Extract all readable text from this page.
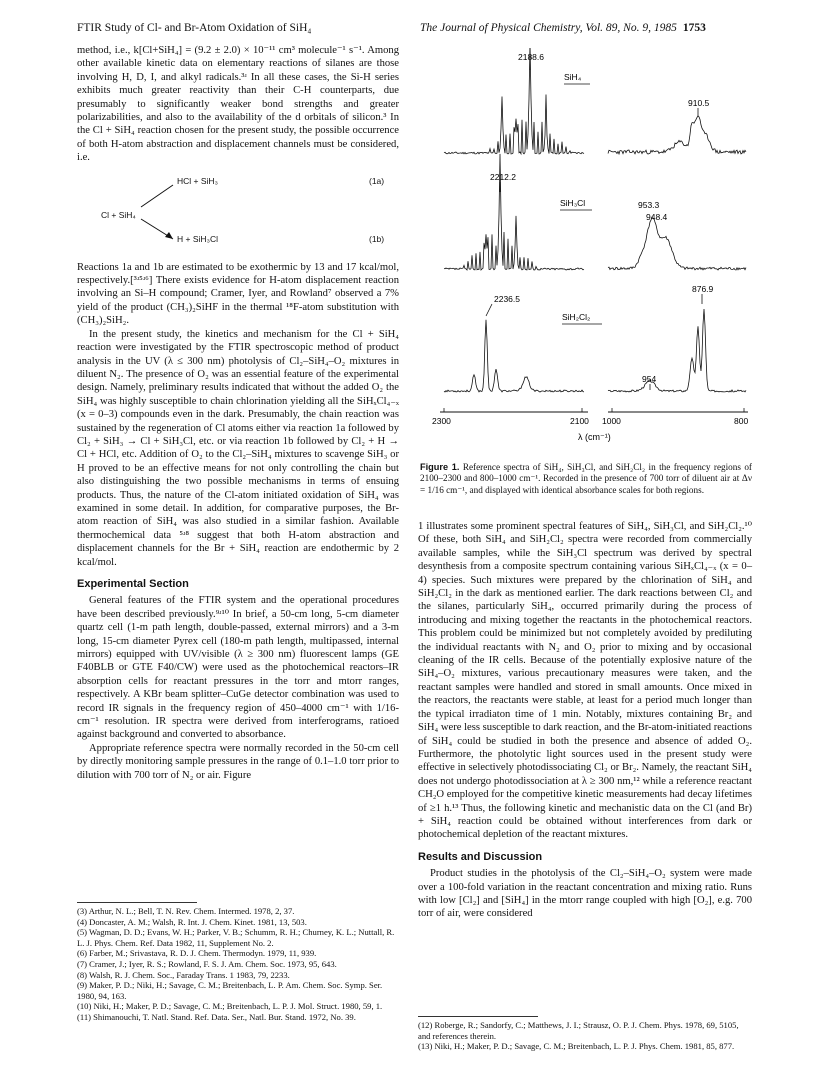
FTIR Study of Cl- and Br-Atom Oxidation of SiH₄	The Journal of Physical Chemistry, Vol. 89, No. 9, 1985 1753

method, i.e., k[Cl+SiH₄] = (9.2 ± 2.0) × 10⁻¹¹ cm³ molecule⁻¹ s⁻¹. Among other available kinetic data on elementary reactions of silanes are those involving H, D, I, and alkyl radicals.³ʴ In all these cases, the Si-H series exhibits much greater reactivity than their C-H counterparts, due presumably to significantly weaker bond strengths and greater polarizabilities, and also to the availability of the d orbitals of silicon.³ In the Cl + SiH₄ reaction chosen for the present study, the possible occurrence of both H-atom abstraction and displacement channels must be considered, i.e.

HCl + SiH₃	(1a)
Cl + SiH₄
H + SiH₃Cl	(1b)

Reactions 1a and 1b are estimated to be exothermic by 13 and 17 kcal/mol, respectively.[³ʴ⁵ʴ⁶] There exists evidence for H-atom displacement reaction involving an Si–H compound; Cramer, Iyer, and Rowland⁷ observed a 7% yield of the product (CH₃)₂SiHF in the thermal ¹⁸F-atom substitution with (CH₃)₂SiH₂.

In the present study, the kinetics and mechanism for the Cl + SiH₄ reaction were investigated by the FTIR spectroscopic method of product analysis in the UV (λ ≤ 300 nm) photolysis of Cl₂–SiH₄–O₂ mixtures in diluent N₂. The presence of O₂ was an essential feature of the experimental design. Namely, preliminary results indicated that without the added O₂ the SiH₄ was highly susceptible to chain chlorination yielding all the SiHₓCl₄₋ₓ (x = 0–3) compounds even in the dark. Presumably, the chain reaction was sustained by the regeneration of Cl atoms either via reaction 1a followed by Cl₂ + SiH₃ → Cl + SiH₃Cl, etc. or via reaction 1b followed by Cl₂ + H → Cl + HCl, etc. Addition of O₂ to the Cl₂–SiH₄ mixtures to scavenge SiH₃ or H proved to be an effective means for not only controlling the chain but also distinguishing the two possible mechanisms in terms of ensuing products. Thus, the nature of the Cl-atom initiated oxidation of SiH₄ was examined in some detail. In addition, for comparative purposes, the Br-atom reaction of SiH₄ was also studied in a similar fashion. Available thermochemical data ⁵ʴ⁸ suggest that both H-atom abstraction and displacement channels for the Br + SiH₄ reaction are endothermic by 2 kcal/mol.

Experimental Section

General features of the FTIR system and the operational procedures have been described previously.⁹ʴ¹⁰ In brief, a 50-cm long, 5-cm diameter quartz cell (1-m path length, double-passed, external mirrors) and a 3-m long, 15-cm diameter Pyrex cell (180-m path length, multipassed, internal mirrors) equipped with UV/visible (λ ≥ 300 nm) fluorescent lamps (GE F40BLB or GTE F40/CW) were used as the photochemical reactors–IR absorption cells for reactant pressures in the torr and mtorr ranges, respectively. A KBr beam splitter–CuGe detector combination was used to record IR signals in the frequency region of 450–4000 cm⁻¹ with 1/16-cm⁻¹ resolution. IR spectra were derived from interferograms, ratioed against background and converted to absorbance.

Appropriate reference spectra were normally recorded in the 50-cm cell by directly monitoring sample pressures in the range of 0.1–1.0 torr prior to dilution with 700 torr of N₂ or air. Figure

(3) Arthur, N. L.; Bell, T. N. Rev. Chem. Intermed. 1978, 2, 37.
(4) Doncaster, A. M.; Walsh, R. Int. J. Chem. Kinet. 1981, 13, 503.
(5) Wagman, D. D.; Evans, W. H.; Parker, V. B.; Schumm, R. H.; Churney, K. L.; Nuttall, R. L. J. Phys. Chem. Ref. Data 1982, 11, Supplement No. 2.
(6) Farber, M.; Srivastava, R. D. J. Chem. Thermodyn. 1979, 11, 939.
(7) Cramer, J.; Iyer, R. S.; Rowland, F. S. J. Am. Chem. Soc. 1973, 95, 643.
(8) Walsh, R. J. Chem. Soc., Faraday Trans. 1 1983, 79, 2233.
(9) Maker, P. D.; Niki, H.; Savage, C. M.; Breitenbach, L. P. Am. Chem. Soc. Symp. Ser. 1980, 94, 163.
(10) Niki, H.; Maker, P. D.; Savage, C. M.; Breitenbach, L. P. J. Mol. Struct. 1980, 59, 1.
(11) Shimanouchi, T. Natl. Stand. Ref. Data. Ser., Natl. Bur. Stand. 1972, No. 39.
2188.6
SiH₄
910.5
2212.2
SiH₃Cl	953.3
948.4
876.9
2236.5
SiH₂Cl₂
954
2300	2100 1000	800
λ (cm⁻¹)
Figure 1. Reference spectra of SiH₄, SiH₃Cl, and SiH₂Cl₂ in the frequency regions of 2100–2300 and 800–1000 cm⁻¹. Recorded in the presence of 700 torr of diluent air at Δν = 1/16 cm⁻¹, and displayed with identical absorbance scales for both regions.

1 illustrates some prominent spectral features of SiH₄, SiH₃Cl, and SiH₂Cl₂.¹⁰ Of these, both SiH₄ and SiH₂Cl₂ spectra were recorded from commercially available samples, while the SiH₃Cl spectrum was derived by spectral desynthesis from a composite spectrum containing various SiHₓCl₄₋ₓ (x = 0–4) species. Such mixtures were prepared by the chlorination of SiH₄ and SiH₂Cl₂ in the dark as mentioned earlier. The dark reactions between Cl₂ and the silanes, particularly SiH₄, occurred primarily during the process of introducing and mixing together the reactants in the photochemical reactors. This problem could be minimized but not completely avoided by prediluting the individual reactants with N₂ and O₂ prior to mixing and by occasional cleaning of the IR cells. Because of the potentially explosive nature of the SiH₄–O₂ mixtures, various precautionary measures were taken, and the reactant samples were handled and stored in small amounts. Once mixed in the reactors, the reactants were stable, at least for a period much longer than the typical irradiaton time of 1 min. Notably, mixtures containing Br₂ and SiH₄ were less susceptible to dark reaction, and the Br-atom-initiated reactions of SiH₄ could be studied in both the presence and absence of added O₂. Furthermore, the photolytic light sources used in the present study were effective in selectively photodissociating Cl₂ or Br₂. Namely, the reactant SiH₄ does not undergo photodissociation at λ ≥ 300 nm,¹² while a reference reactant CH₂O employed for the competitive kinetic measurements had decay lifetimes of ≥1 h.¹³ Thus, the following kinetic and mechanistic data on the Cl (and Br) + SiH₄ reaction could be obtained without interferences from dark or photochemical depletion of the reactant mixtures.

Results and Discussion

Product studies in the photolysis of the Cl₂–SiH₄–O₂ system were made over a 100-fold variation in the reactant concentration and mixing ratio. Runs with low [Cl₂] and [SiH₄] in the mtorr range coupled with high [O₂], e.g. 700 torr of air, were considered

(12) Roberge, R.; Sandorfy, C.; Matthews, J. I.; Strausz, O. P. J. Chem. Phys. 1978, 69, 5105, and references therein.
(13) Niki, H.; Maker, P. D.; Savage, C. M.; Breitenbach, L. P. J. Phys. Chem. 1981, 85, 877.
